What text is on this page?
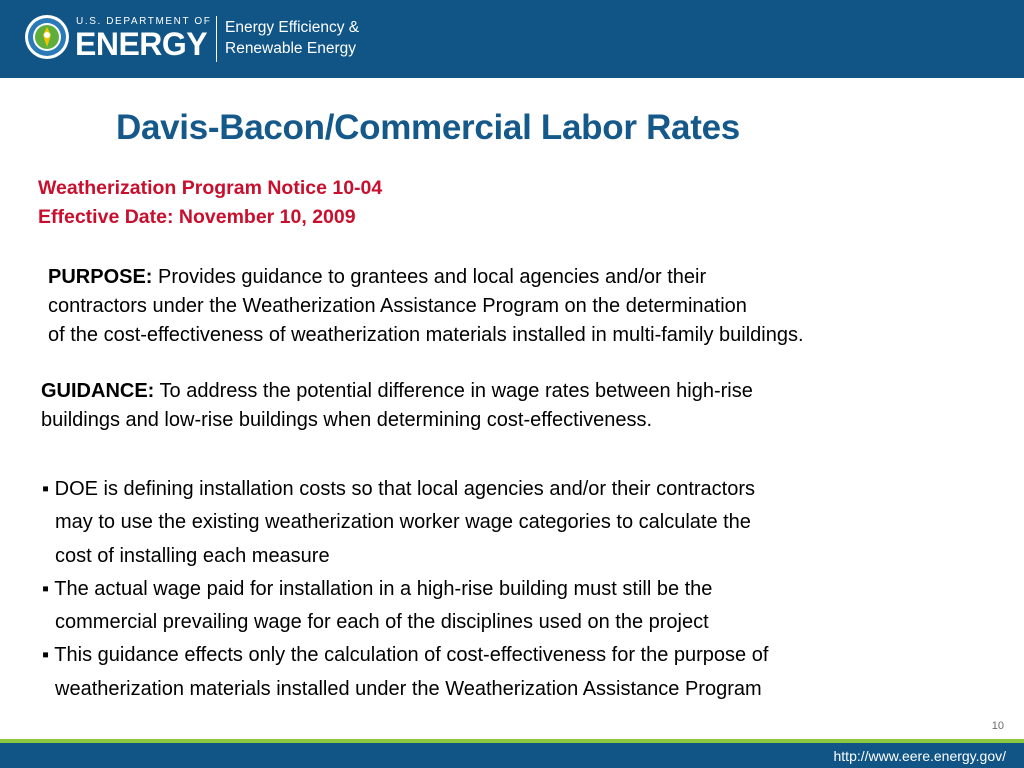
U.S. DEPARTMENT OF
ENERGY Energy Efficiency &
Renewable Energy
Davis-Bacon/Commercial Labor Rates
Weatherization Program Notice 10-04
Effective Date: November 10, 2009
PURPOSE: Provides guidance to grantees and local agencies and/or their
contractors under the Weatherization Assistance Program on the determination
of the cost-effectiveness of weatherization materials installed in multi-family buildings.
GUIDANCE: To address the potential difference in wage rates between high-rise
buildings and low-rise buildings when determining cost-effectiveness.
▪ DOE is defining installation costs so that local agencies and/or their contractors
may to use the existing weatherization worker wage categories to calculate the
cost of installing each measure
▪ The actual wage paid for installation in a high-rise building must still be the
commercial prevailing wage for each of the disciplines used on the project
▪ This guidance effects only the calculation of cost-effectiveness for the purpose of
weatherization materials installed under the Weatherization Assistance Program
10
http://www.eere.energy.gov/
